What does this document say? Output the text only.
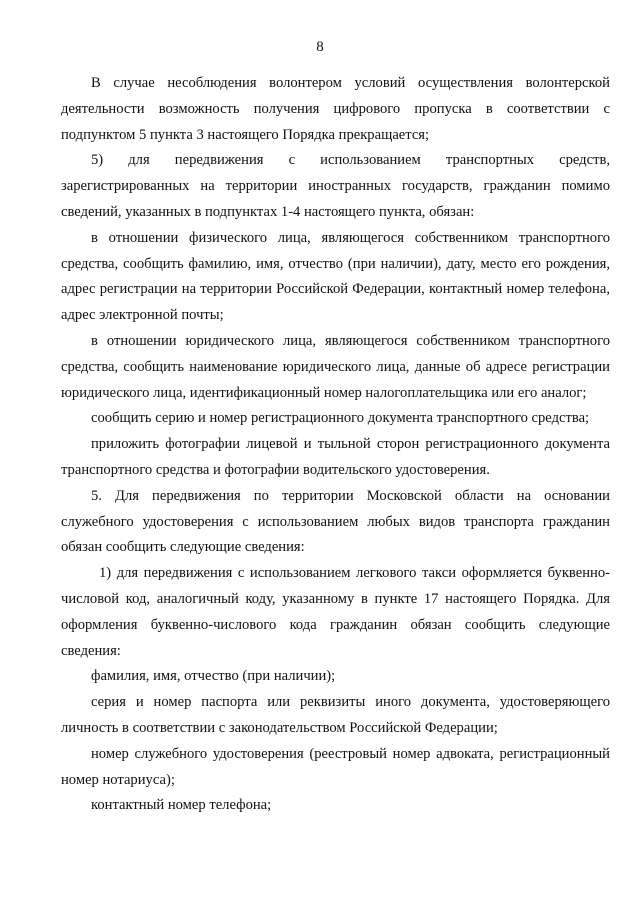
8

В случае несоблюдения волонтером условий осуществления волонтерской деятельности возможность получения цифрового пропуска в соответствии с подпунктом 5 пункта 3 настоящего Порядка прекращается;

5) для передвижения с использованием транспортных средств, зарегистрированных на территории иностранных государств, гражданин помимо сведений, указанных в подпунктах 1-4 настоящего пункта, обязан:

в отношении физического лица, являющегося собственником транспортного средства, сообщить фамилию, имя, отчество (при наличии), дату, место его рождения, адрес регистрации на территории Российской Федерации, контактный номер телефона, адрес электронной почты;

в отношении юридического лица, являющегося собственником транспортного средства, сообщить наименование юридического лица, данные об адресе регистрации юридического лица, идентификационный номер налогоплательщика или его аналог;

сообщить серию и номер регистрационного документа транспортного средства;

приложить фотографии лицевой и тыльной сторон регистрационного документа транспортного средства и фотографии водительского удостоверения.

5. Для передвижения по территории Московской области на основании служебного удостоверения с использованием любых видов транспорта гражданин обязан сообщить следующие сведения:

1) для передвижения с использованием легкового такси оформляется буквенно-числовой код, аналогичный коду, указанному в пункте 17 настоящего Порядка. Для оформления буквенно-числового кода гражданин обязан сообщить следующие сведения:

фамилия, имя, отчество (при наличии);

серия и номер паспорта или реквизиты иного документа, удостоверяющего личность в соответствии с законодательством Российской Федерации;

номер служебного удостоверения (реестровый номер адвоката, регистрационный номер нотариуса);

контактный номер телефона;
